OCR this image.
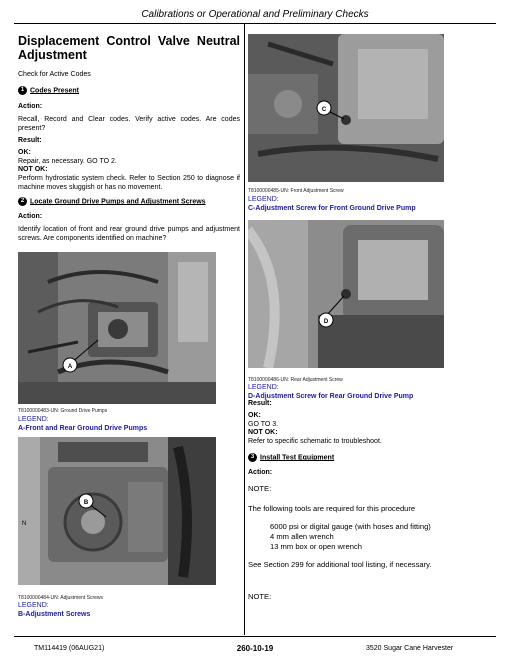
Calibrations or Operational and Preliminary Checks
Displacement Control Valve Neutral Adjustment
Check for Active Codes
1 Codes Present
Action:
Recall, Record and Clear codes. Verify active codes. Are codes present?
Result:
OK:
Repair, as necessary. GO TO 2.
NOT OK:
Perform hydrostatic system check. Refer to Section 250 to diagnose if machine moves sluggish or has no movement.
2 Locate Ground Drive Pumps and Adjustment Screws
Action:
Identify location of front and rear ground drive pumps and adjustment screws. Are components identified on machine?
A
T8100000483-UN: Ground Drive Pumps
LEGEND:
A-Front and Rear Ground Drive Pumps
B
N
T8100000484-UN: Adjustment Screws
LEGEND:
B-Adjustment Screws
C
T8100000485-UN: Front Adjustment Screw
LEGEND:
C-Adjustment Screw for Front Ground Drive Pump
D
T8100000486-UN: Rear Adjustment Screw
LEGEND:
D-Adjustment Screw for Rear Ground Drive Pump
Result:
OK:
GO TO 3.
NOT OK:
Refer to specific schematic to troubleshoot.
3 Install Test Equipment
Action:
NOTE:
The following tools are required for this procedure
6000 psi or digital gauge (with hoses and fitting)
4 mm allen wrench
13 mm box or open wrench
See Section 299 for additional tool listing, if necessary.
NOTE:
TM114419 (06AUG21)	260-10-19	3520 Sugar Cane Harvester
